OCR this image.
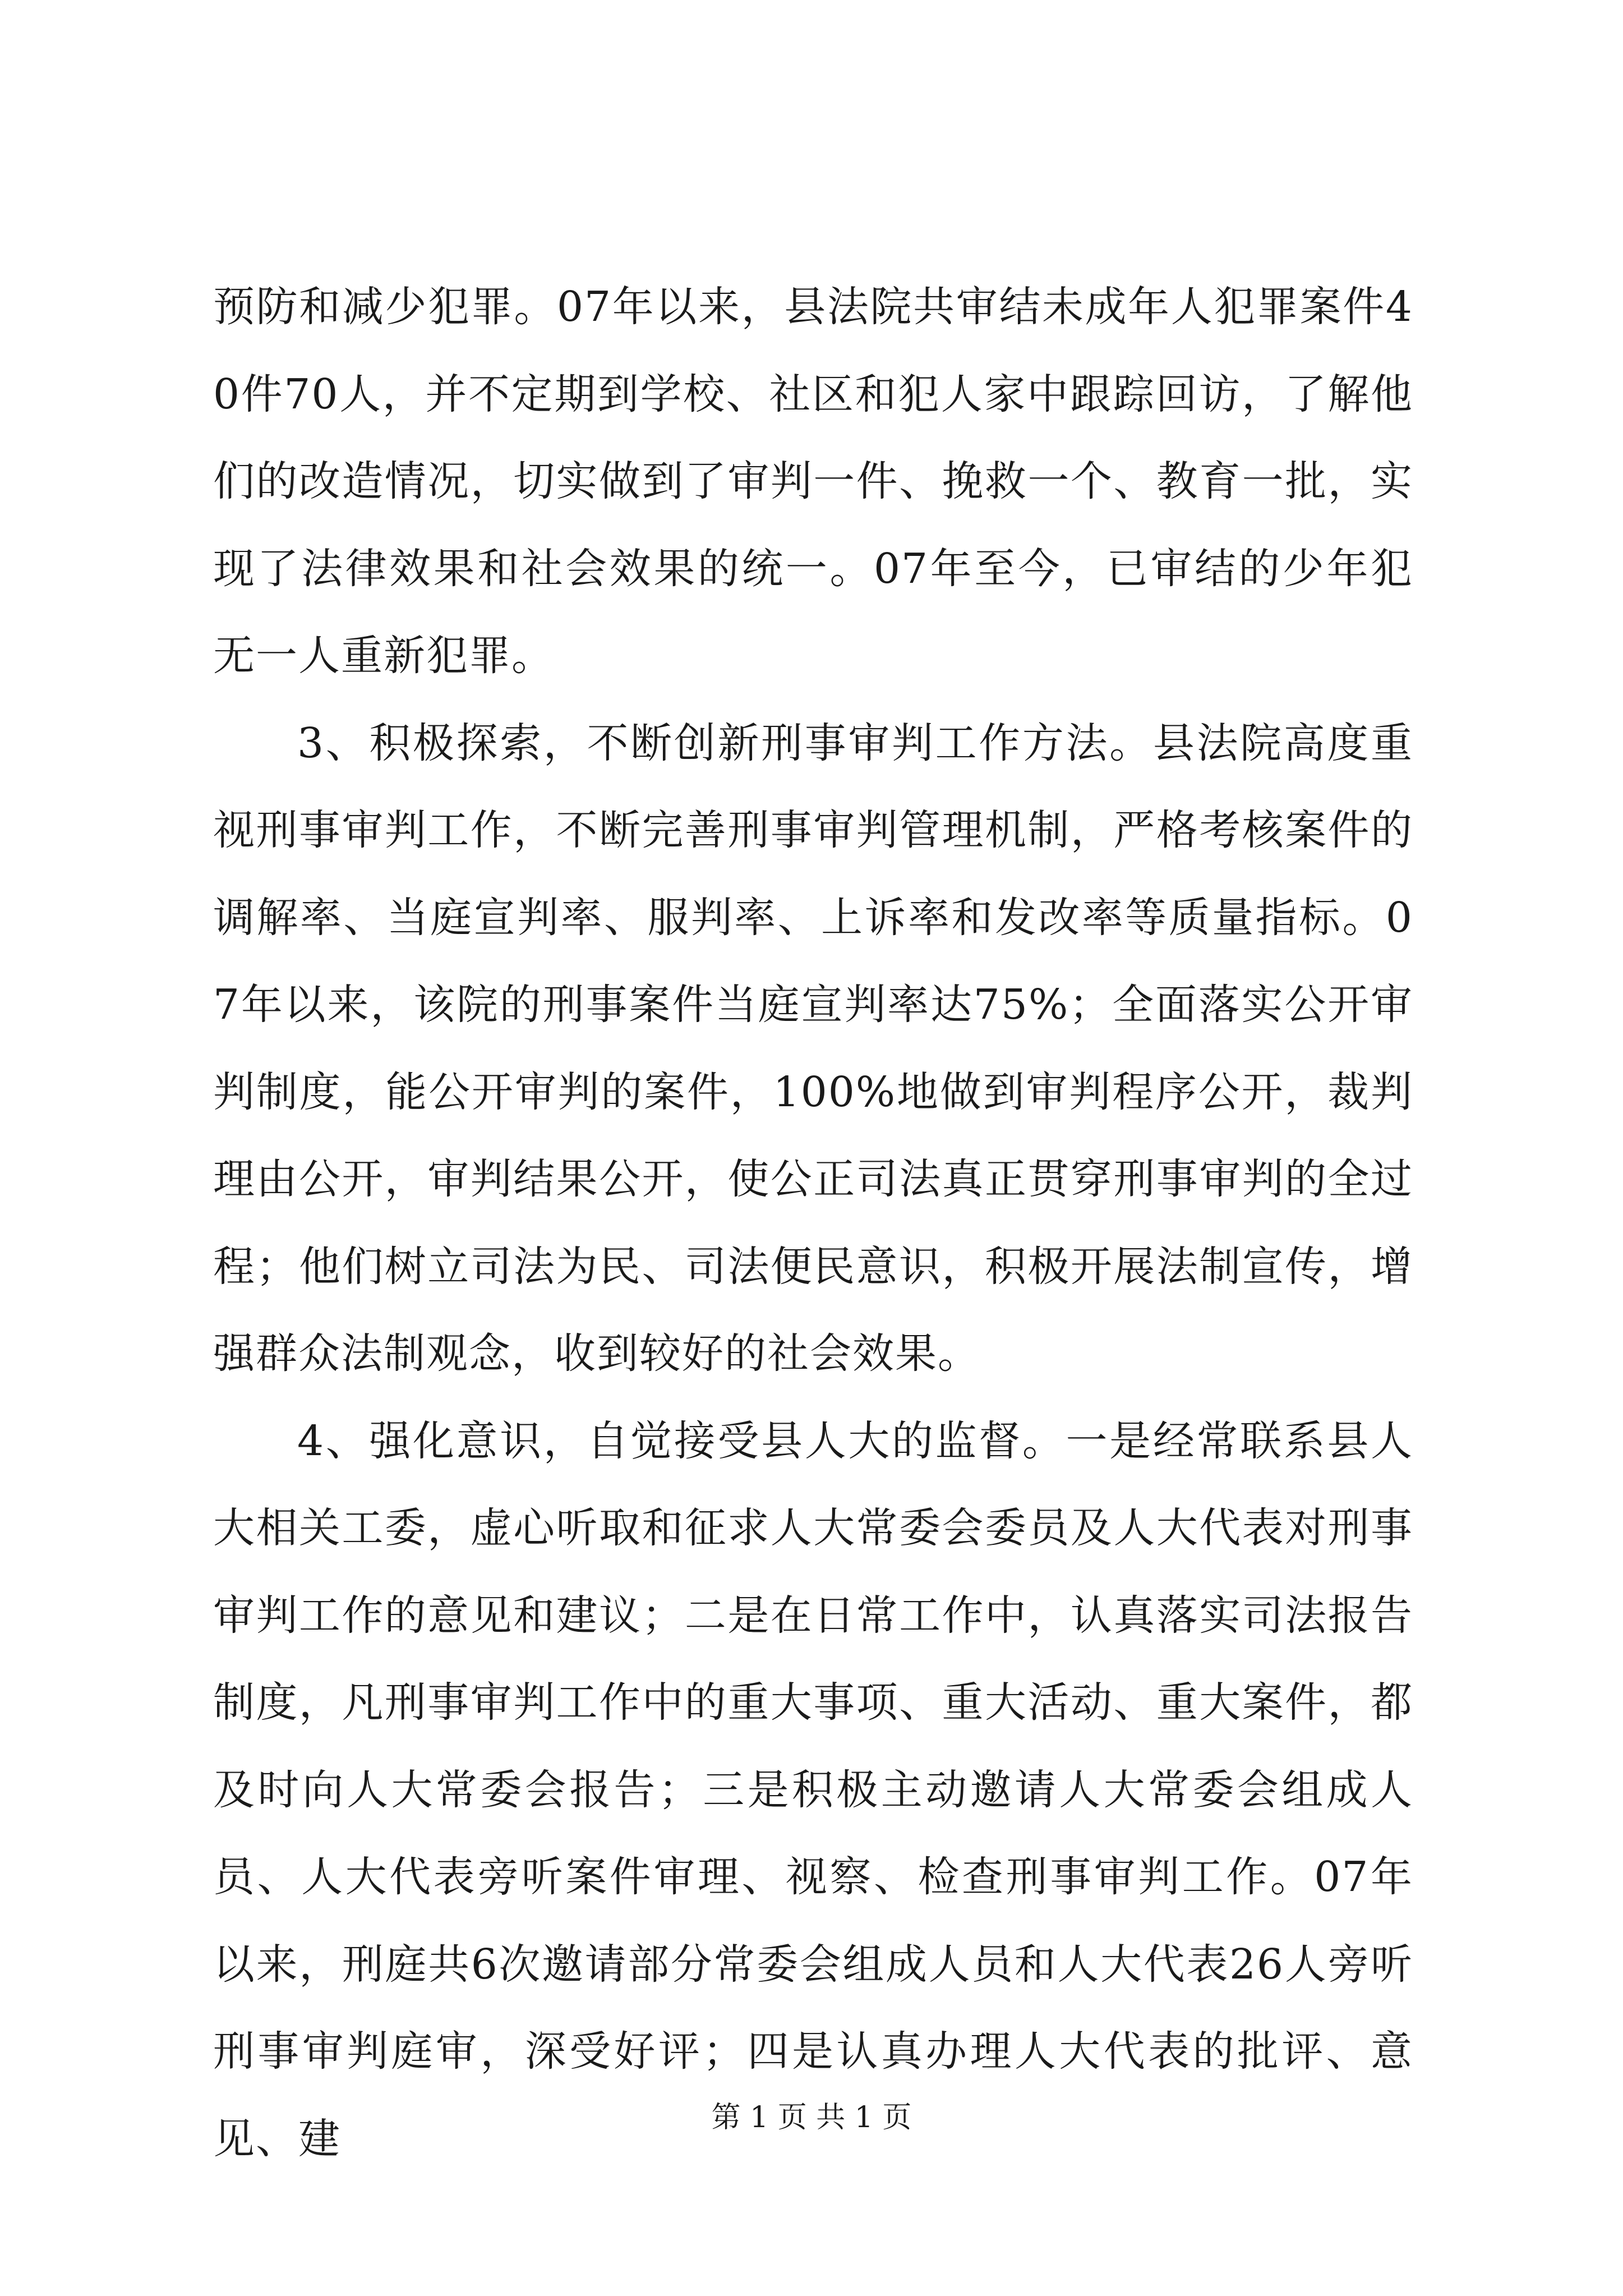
预防和减少犯罪。07年以来，县法院共审结未成年人犯罪案件40件70人，并不定期到学校、社区和犯人家中跟踪回访，了解他们的改造情况，切实做到了审判一件、挽救一个、教育一批，实现了法律效果和社会效果的统一。07年至今，已审结的少年犯无一人重新犯罪。

3、积极探索，不断创新刑事审判工作方法。县法院高度重视刑事审判工作，不断完善刑事审判管理机制，严格考核案件的调解率、当庭宣判率、服判率、上诉率和发改率等质量指标。07年以来，该院的刑事案件当庭宣判率达75%；全面落实公开审判制度，能公开审判的案件，100%地做到审判程序公开，裁判理由公开，审判结果公开，使公正司法真正贯穿刑事审判的全过程；他们树立司法为民、司法便民意识，积极开展法制宣传，增强群众法制观念，收到较好的社会效果。

4、强化意识，自觉接受县人大的监督。一是经常联系县人大相关工委，虚心听取和征求人大常委会委员及人大代表对刑事审判工作的意见和建议；二是在日常工作中，认真落实司法报告制度，凡刑事审判工作中的重大事项、重大活动、重大案件，都及时向人大常委会报告；三是积极主动邀请人大常委会组成人员、人大代表旁听案件审理、视察、检查刑事审判工作。07年以来，刑庭共6次邀请部分常委会组成人员和人大代表26人旁听刑事审判庭审，深受好评；四是认真办理人大代表的批评、意见、建	第 1 页 共 1 页
